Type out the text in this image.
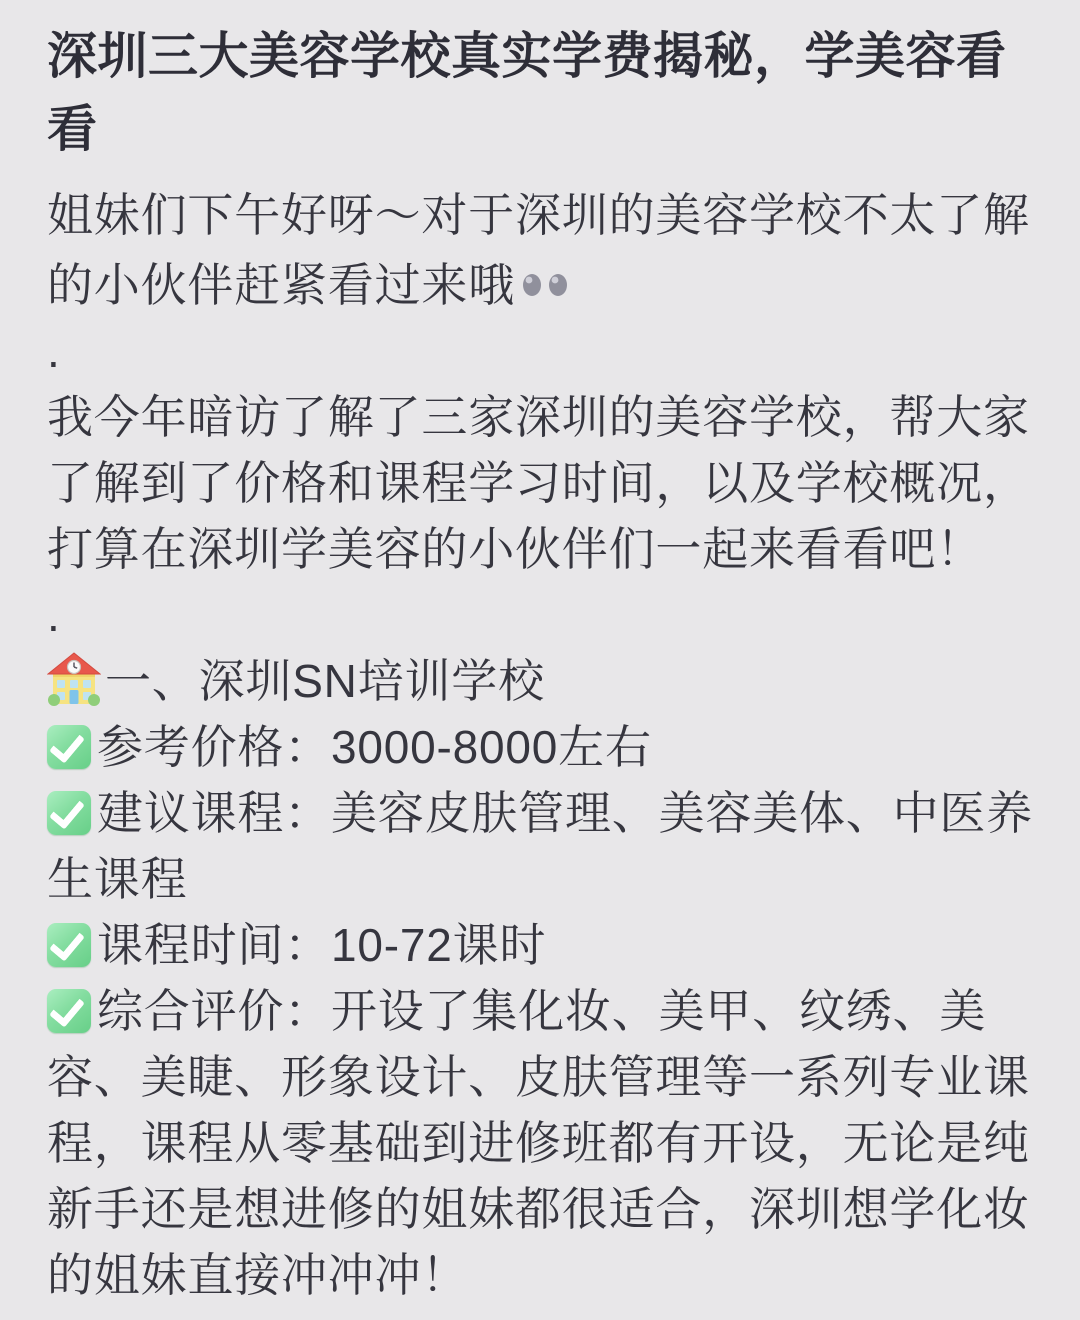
深圳三大美容学校真实学费揭秘，学美容看看

姐妹们下午好呀～对于深圳的美容学校不太了解的小伙伴赶紧看过来哦

.

我今年暗访了解了三家深圳的美容学校，帮大家了解到了价格和课程学习时间，以及学校概况，打算在深圳学美容的小伙伴们一起来看看吧！

.

一、深圳SN培训学校

参考价格：3000-8000左右

建议课程：美容皮肤管理、美容美体、中医养生课程

课程时间：10-72课时

综合评价：开设了集化妆、美甲、纹绣、美容、美睫、形象设计、皮肤管理等一系列专业课程，课程从零基础到进修班都有开设，无论是纯新手还是想进修的姐妹都很适合，深圳想学化妆的姐妹直接冲冲冲！
